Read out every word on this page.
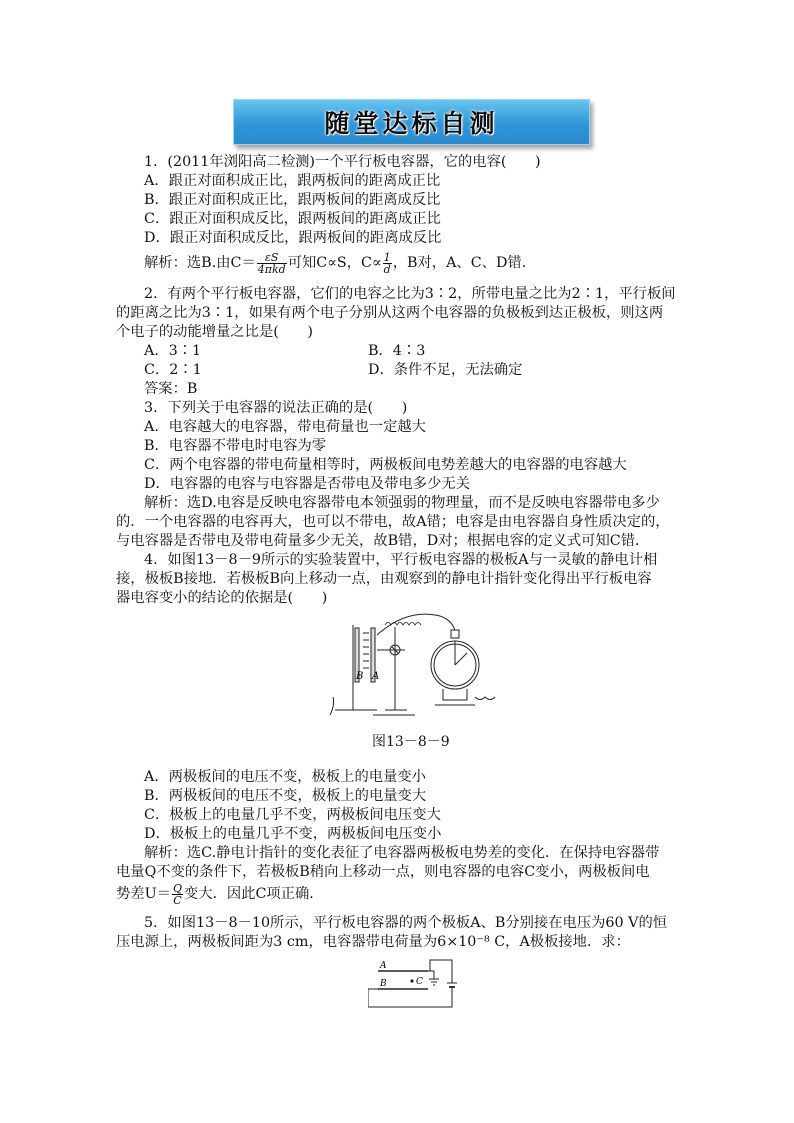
随堂达标自测
1．(2011年浏阳高二检测)一个平行板电容器，它的电容(　　)
A．跟正对面积成正比，跟两板间的距离成正比
B．跟正对面积成正比，跟两板间的距离成反比
C．跟正对面积成反比，跟两板间的距离成正比
D．跟正对面积成反比，跟两板间的距离成反比
解析：选B.由$C= \frac{\varepsilon S}{\text{4πkd}}$ 可知C∝S，$C\propto \frac{1}{d}$ ，B对，A、C、D错．
2．有两个平行板电容器，它们的电容之比为3∶2，所带电量之比为2∶1，平行板间
的距离之比为3∶1，如果有两个电子分别从这两个电容器的负极板到达正极板，则这两
个电子的动能增量之比是(　　)
A．3∶1	B．4∶3
C．2∶1	D．条件不足，无法确定
答案：B
3．下列关于电容器的说法正确的是(　　)
A．电容越大的电容器，带电荷量也一定越大
B．电容器不带电时电容为零
C．两个电容器的带电荷量相等时，两极板间电势差越大的电容器的电容越大
D．电容器的电容与电容器是否带电及带电多少无关
解析：选D.电容是反映电容器带电本领强弱的物理量，而不是反映电容器带电多少
的．一个电容器的电容再大，也可以不带电，故A错；电容是由电容器自身性质决定的，
与电容器是否带电及带电荷量多少无关，故B错，D对；根据电容的定义式可知C错．
4．如图13－8－9所示的实验装置中，平行板电容器的极板A与一灵敏的静电计相
接，极板B接地．若极板B向上移动一点，由观察到的静电计指针变化得出平行板电容
器电容变小的结论的依据是(　　)
B A
图13－8－9
A．两极板间的电压不变，极板上的电量变小
B．两极板间的电压不变，极板上的电量变大
C．极板上的电量几乎不变，两极板间电压变大
D．极板上的电量几乎不变，两极板间电压变小
解析：选C.静电计指针的变化表征了电容器两极板电势差的变化．在保持电容器带
电量Q不变的条件下，若极板B稍向上移动一点，则电容器的电容C变小，两极板间电
势差$U= \frac{Q}{C}$ 变大．因此C项正确．
5．如图13－8－10所示，平行板电容器的两个极板A、B分别接在电压为60 V的恒
压电源上，两极板间距为3 cm，电容器带电荷量为6×10⁻⁸ C，A极板接地．求：
A
B	C
